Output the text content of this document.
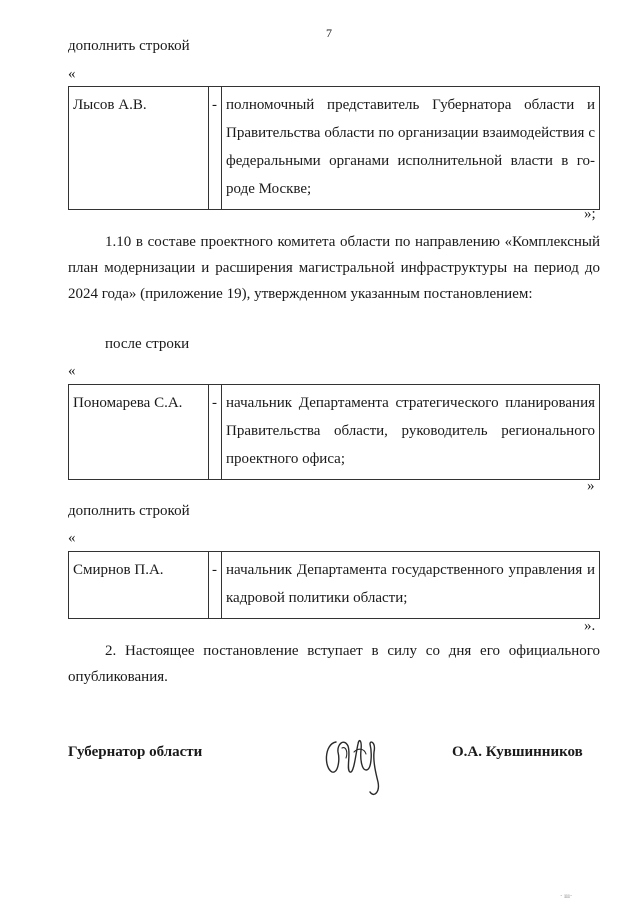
7
·· ·
дополнить строкой
«
Лысов А.В.	-	полномочный представитель Губернатора области и Правительства области по организации взаимодействия с федеральными органами исполнительной власти в го-роде Москве;
»;
1.10 в составе проектного комитета области по направлению «Комплексный план модернизации и расширения магистральной инфраструктуры на период до 2024 года» (приложение 19), утвержденном указанным постановлением:
после строки
«
Пономарева С.А.	-	начальник Департамента стратегического планирования Правительства области, руководитель регионального проектного офиса;
»
дополнить строкой
«
Смирнов П.А.	-	начальник Департамента государственного управления и кадровой политики области;
».
2. Настоящее постановление вступает в силу со дня его официального опубликования.
Губернатор области	О.А. Кувшинников
· ııı·
